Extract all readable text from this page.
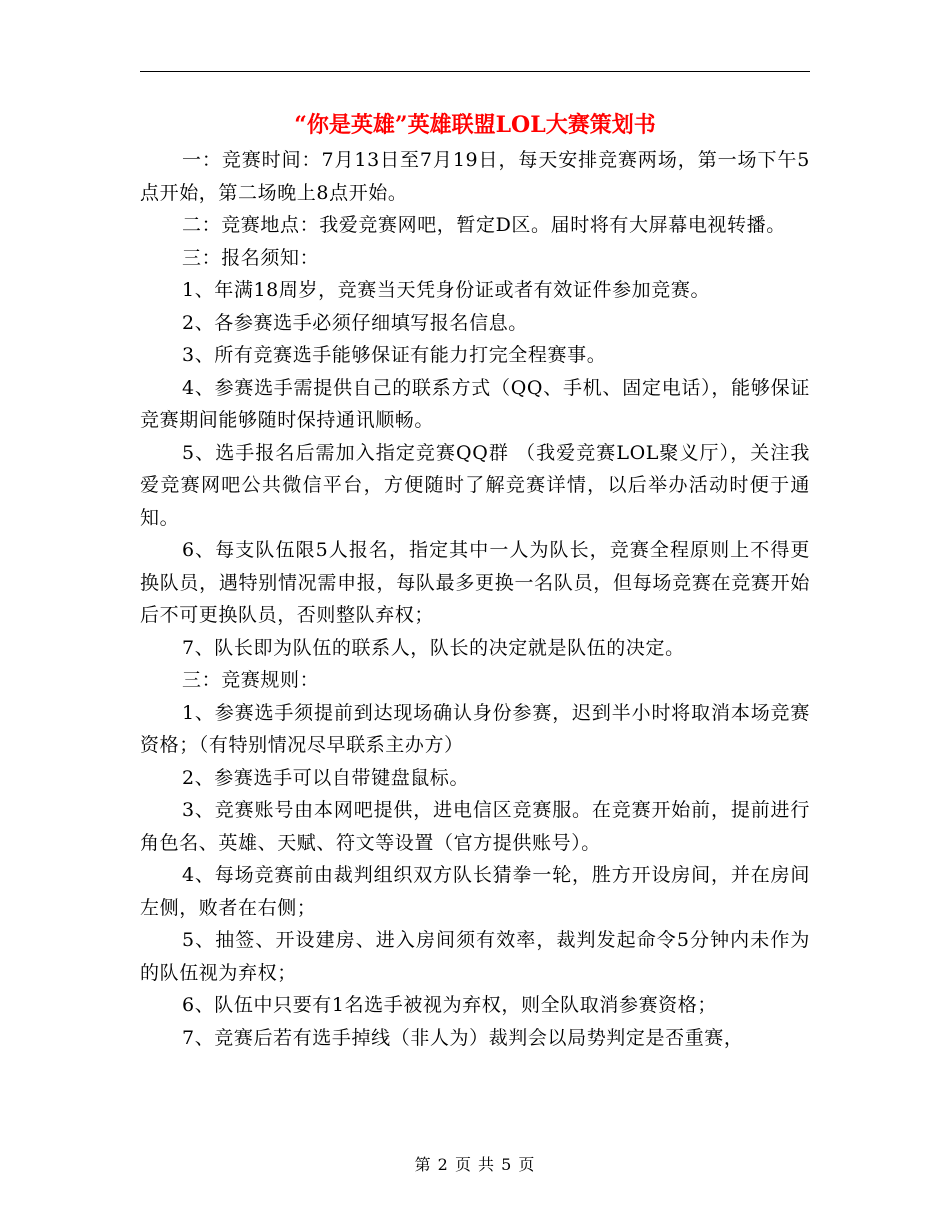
“你是英雄”英雄联盟LOL大赛策划书

一：竞赛时间：7月13日至7月19日，每天安排竞赛两场，第一场下午5点开始，第二场晚上8点开始。

二：竞赛地点：我爱竞赛网吧，暂定D区。届时将有大屏幕电视转播。

三：报名须知：

1、年满18周岁，竞赛当天凭身份证或者有效证件参加竞赛。

2、各参赛选手必须仔细填写报名信息。

3、所有竞赛选手能够保证有能力打完全程赛事。

4、参赛选手需提供自己的联系方式（QQ、手机、固定电话），能够保证竞赛期间能够随时保持通讯顺畅。

5、选手报名后需加入指定竞赛QQ群 （我爱竞赛LOL聚义厅），关注我爱竞赛网吧公共微信平台，方便随时了解竞赛详情，以后举办活动时便于通知。

6、每支队伍限5人报名，指定其中一人为队长，竞赛全程原则上不得更换队员，遇特别情况需申报，每队最多更换一名队员，但每场竞赛在竞赛开始后不可更换队员，否则整队弃权；

7、队长即为队伍的联系人，队长的决定就是队伍的决定。

三：竞赛规则：

1、参赛选手须提前到达现场确认身份参赛，迟到半小时将取消本场竞赛资格；（有特别情况尽早联系主办方）

2、参赛选手可以自带键盘鼠标。

3、竞赛账号由本网吧提供，进电信区竞赛服。在竞赛开始前，提前进行角色名、英雄、天赋、符文等设置（官方提供账号）。

4、每场竞赛前由裁判组织双方队长猜拳一轮，胜方开设房间，并在房间左侧，败者在右侧；

5、抽签、开设建房、进入房间须有效率，裁判发起命令5分钟内未作为的队伍视为弃权；

6、队伍中只要有1名选手被视为弃权，则全队取消参赛资格；

7、竞赛后若有选手掉线（非人为）裁判会以局势判定是否重赛，

第 2 页 共 5 页
